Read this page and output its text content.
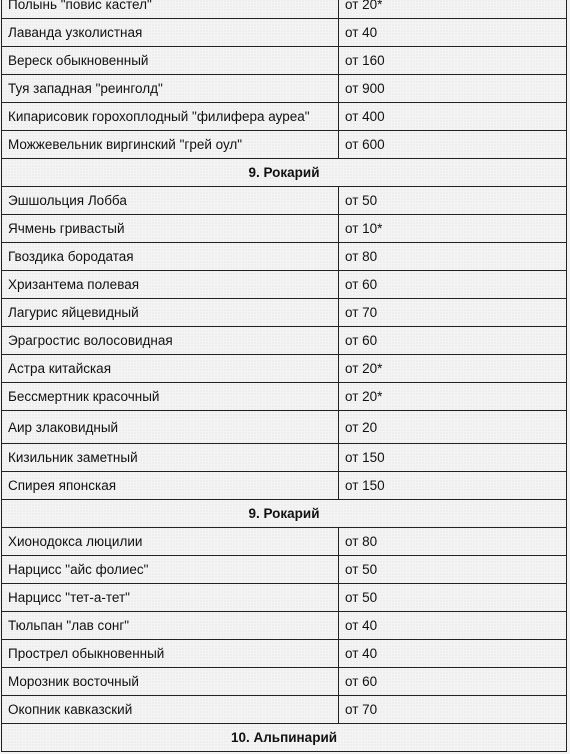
Полынь "повис кастел"	от 20*
Лаванда узколистная	от 40
Вереск обыкновенный	от 160
Туя западная "реинголд"	от 900
Кипарисовик горохоплодный "филифера ауреа"	от 400
Можжевельник виргинский "грей оул"	от 600
9. Рокарий	
Эшшольция Лобба	от 50
Ячмень гривастый	от 10*
Гвоздика бородатая	от 80
Хризантема полевая	от 60
Лагурис яйцевидный	от 70
Эрагростис волосовидная	от 60
Астра китайская	от 20*
Бессмертник красочный	от 20*
Аир злаковидный	от 20
Кизильник заметный	от 150
Спирея японская	от 150
9. Рокарий	
Хионодокса люцилии	от 80
Нарцисс "айс фолиес"	от 50
Нарцисс "тет-а-тет"	от 50
Тюльпан "лав сонг"	от 40
Прострел обыкновенный	от 40
Морозник восточный	от 60
Окопник кавказский	от 70
10. Альпинарий	
